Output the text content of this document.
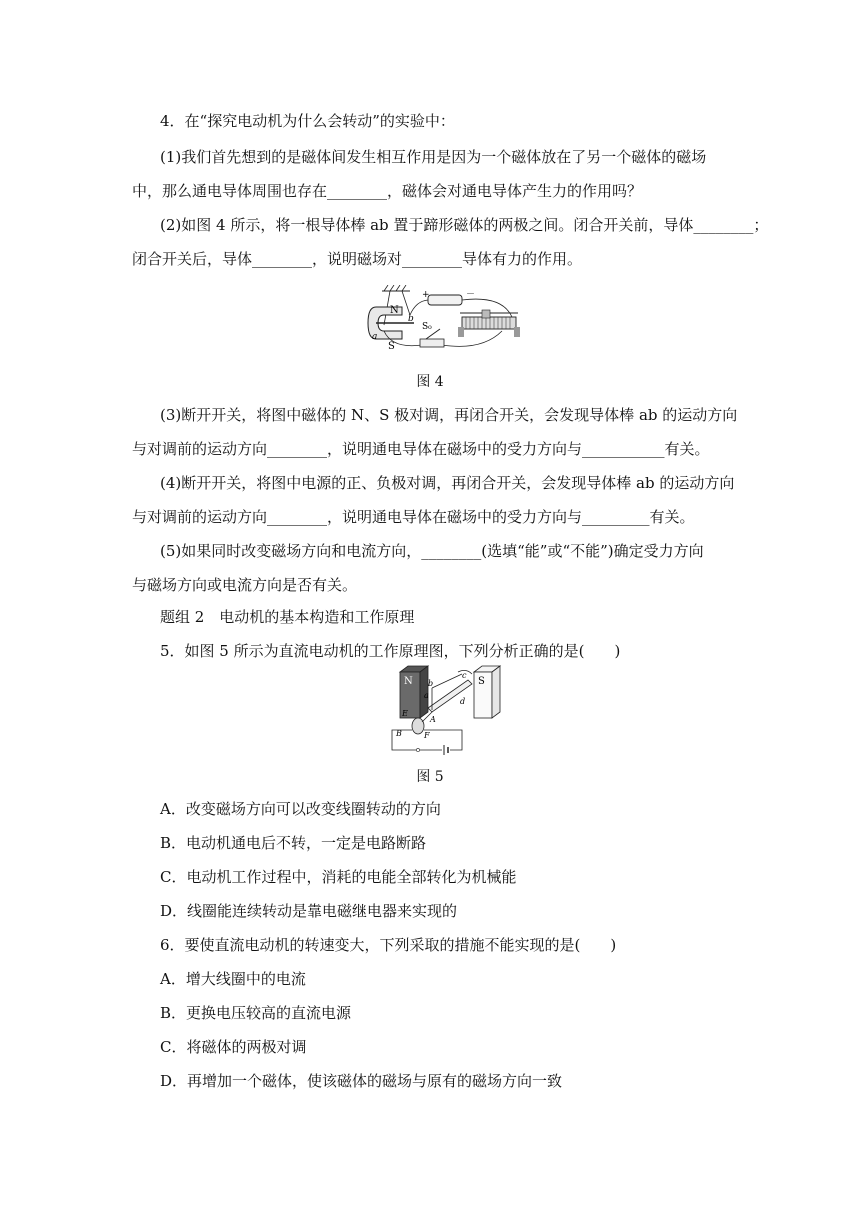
4．在“探究电动机为什么会转动”的实验中：
(1)我们首先想到的是磁体间发生相互作用是因为一个磁体放在了另一个磁体的磁场
中，那么通电导体周围也存在________，磁体会对通电导体产生力的作用吗？
(2)如图 4 所示，将一根导体棒 ab 置于蹄形磁体的两极之间。闭合开关前，导体________；
闭合开关后，导体________，说明磁场对________导体有力的作用。
N
S
a
b
+	－
S₀
图 4
(3)断开开关，将图中磁体的 N、S 极对调，再闭合开关，会发现导体棒 ab 的运动方向
与对调前的运动方向________，说明通电导体在磁场中的受力方向与___________有关。
(4)断开开关，将图中电源的正、负极对调，再闭合开关，会发现导体棒 ab 的运动方向
与对调前的运动方向________，说明通电导体在磁场中的受力方向与_________有关。
(5)如果同时改变磁场方向和电流方向，________(选填“能”或“不能”)确定受力方向
与磁场方向或电流方向是否有关。
题组 2　电动机的基本构造和工作原理
5．如图 5 所示为直流电动机的工作原理图，下列分析正确的是(　　)
N	S
b
a
c
d
E
A
F
B
图 5
A．改变磁场方向可以改变线圈转动的方向
B．电动机通电后不转，一定是电路断路
C．电动机工作过程中，消耗的电能全部转化为机械能
D．线圈能连续转动是靠电磁继电器来实现的
6．要使直流电动机的转速变大，下列采取的措施不能实现的是(　　)
A．增大线圈中的电流
B．更换电压较高的直流电源
C．将磁体的两极对调
D．再增加一个磁体，使该磁体的磁场与原有的磁场方向一致
